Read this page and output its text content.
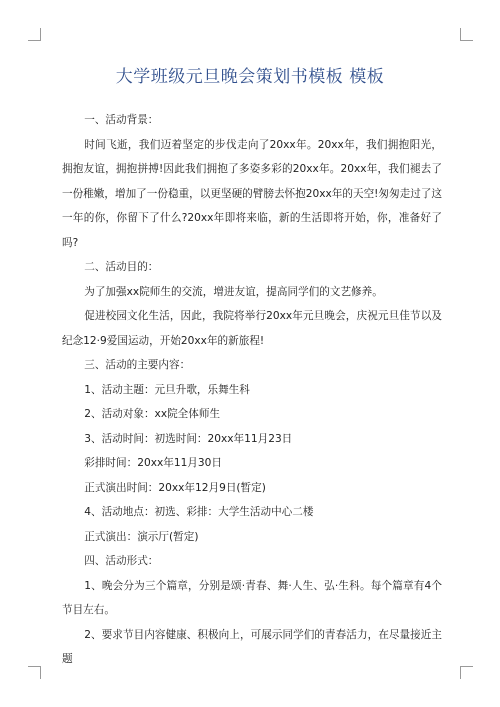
大学班级元旦晚会策划书模板 模板

一、活动背景：

时间飞逝，我们迈着坚定的步伐走向了20xx年。20xx年，我们拥抱阳光，拥抱友谊，拥抱拼搏!因此我们拥抱了多姿多彩的20xx年。20xx年，我们褪去了一份稚嫩，增加了一份稳重，以更坚硬的臂膀去怀抱20xx年的天空!匆匆走过了这一年的你，你留下了什么?20xx年即将来临，新的生活即将开始，你，准备好了吗?

二、活动目的：

为了加强xx院师生的交流，增进友谊，提高同学们的文艺修养。

促进校园文化生活，因此，我院将举行20xx年元旦晚会，庆祝元旦佳节以及纪念12·9爱国运动，开始20xx年的新旅程!

三、活动的主要内容：

1、活动主题：元旦升歌，乐舞生科

2、活动对象：xx院全体师生

3、活动时间：初选时间：20xx年11月23日

彩排时间：20xx年11月30日

正式演出时间：20xx年12月9日(暂定)

4、活动地点：初选、彩排：大学生活动中心二楼

正式演出：演示厅(暂定)

四、活动形式：

1、晚会分为三个篇章，分别是颂·青春、舞·人生、弘·生科。每个篇章有4个节目左右。

2、要求节目内容健康、积极向上，可展示同学们的青春活力，在尽量接近主题
